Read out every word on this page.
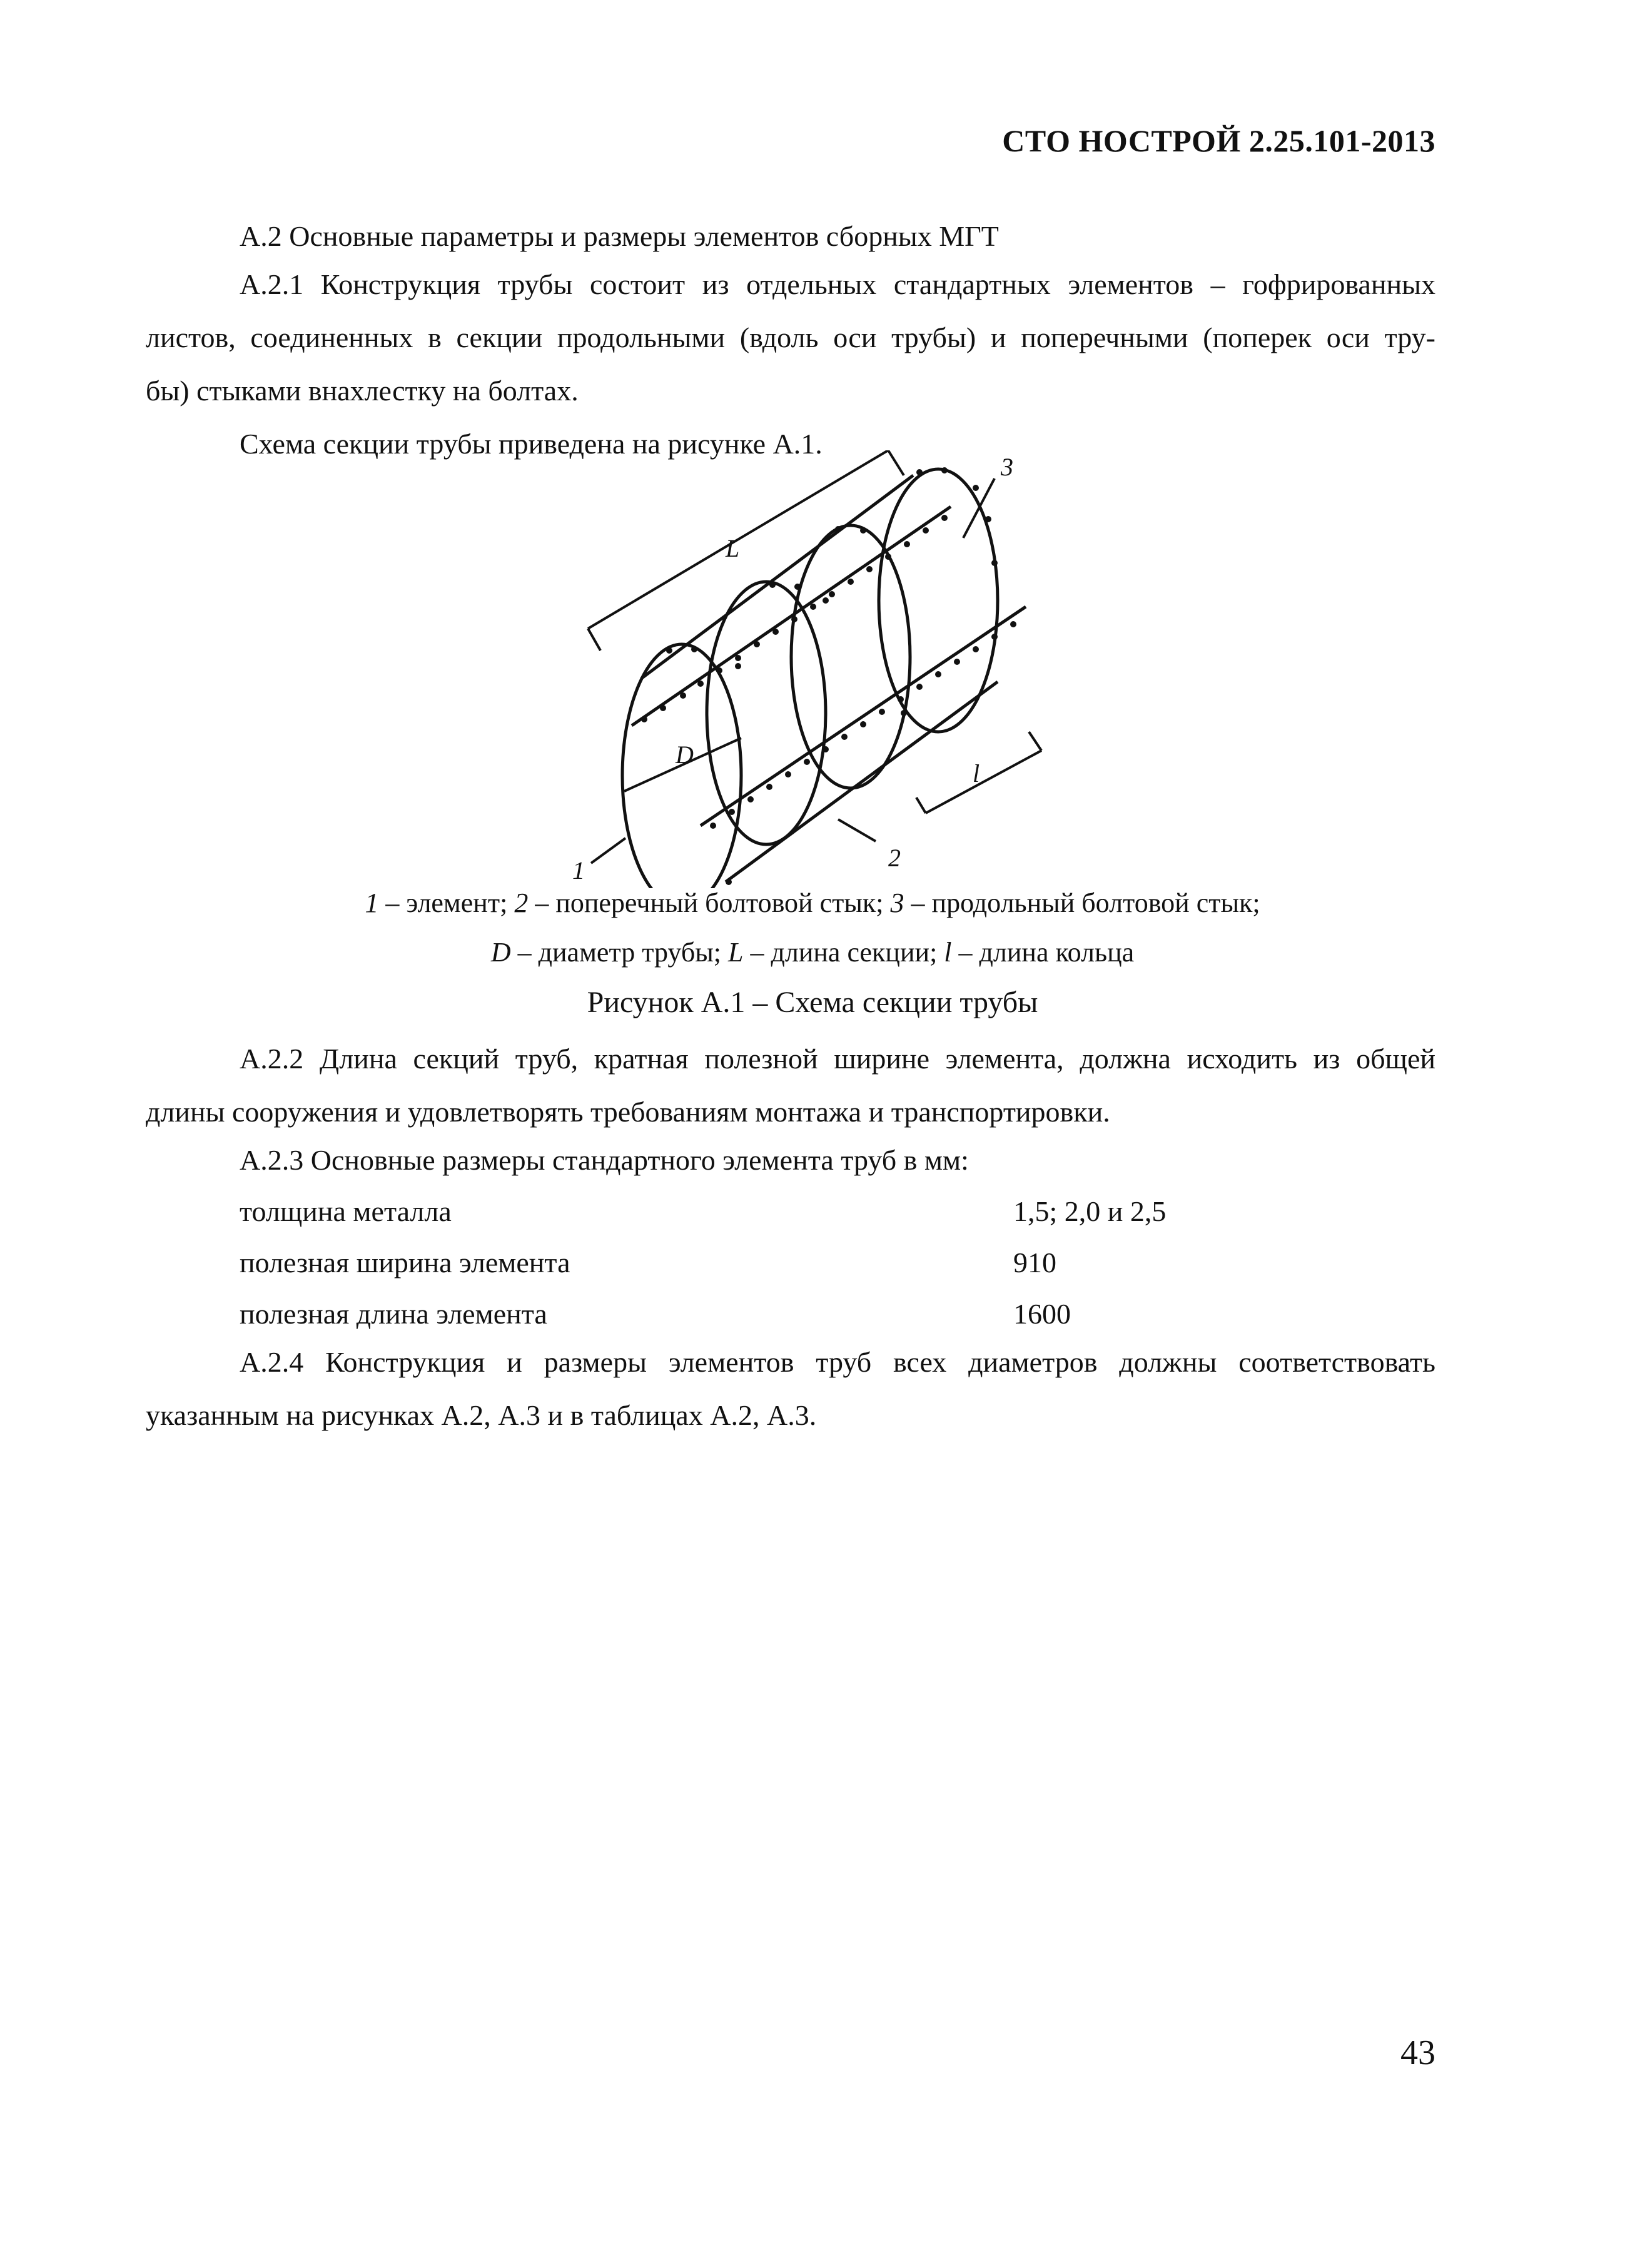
СТО НОСТРОЙ 2.25.101-2013
А.2 Основные параметры и размеры элементов сборных МГТ
А.2.1 Конструкция трубы состоит из отдельных стандартных элементов – гофрированных
листов, соединенных в секции продольными (вдоль оси трубы) и поперечными (поперек оси тру-
бы) стыками внахлестку на болтах.
Схема секции трубы приведена на рисунке А.1.
1	2
3
D
L
l
1 – элемент; 2 – поперечный болтовой стык; 3 – продольный болтовой стык;
D – диаметр трубы; L – длина секции; l – длина кольца
Рисунок А.1 – Схема секции трубы
А.2.2 Длина секций труб, кратная полезной ширине элемента, должна исходить из общей
длины сооружения и удовлетворять требованиям монтажа и транспортировки.
А.2.3 Основные размеры стандартного элемента труб в мм:
толщина металла	1,5; 2,0 и 2,5
полезная ширина элемента	910
полезная длина элемента	1600
А.2.4 Конструкция и размеры элементов труб всех диаметров должны соответствовать
указанным на рисунках А.2, А.3 и в таблицах А.2, А.3.
43
